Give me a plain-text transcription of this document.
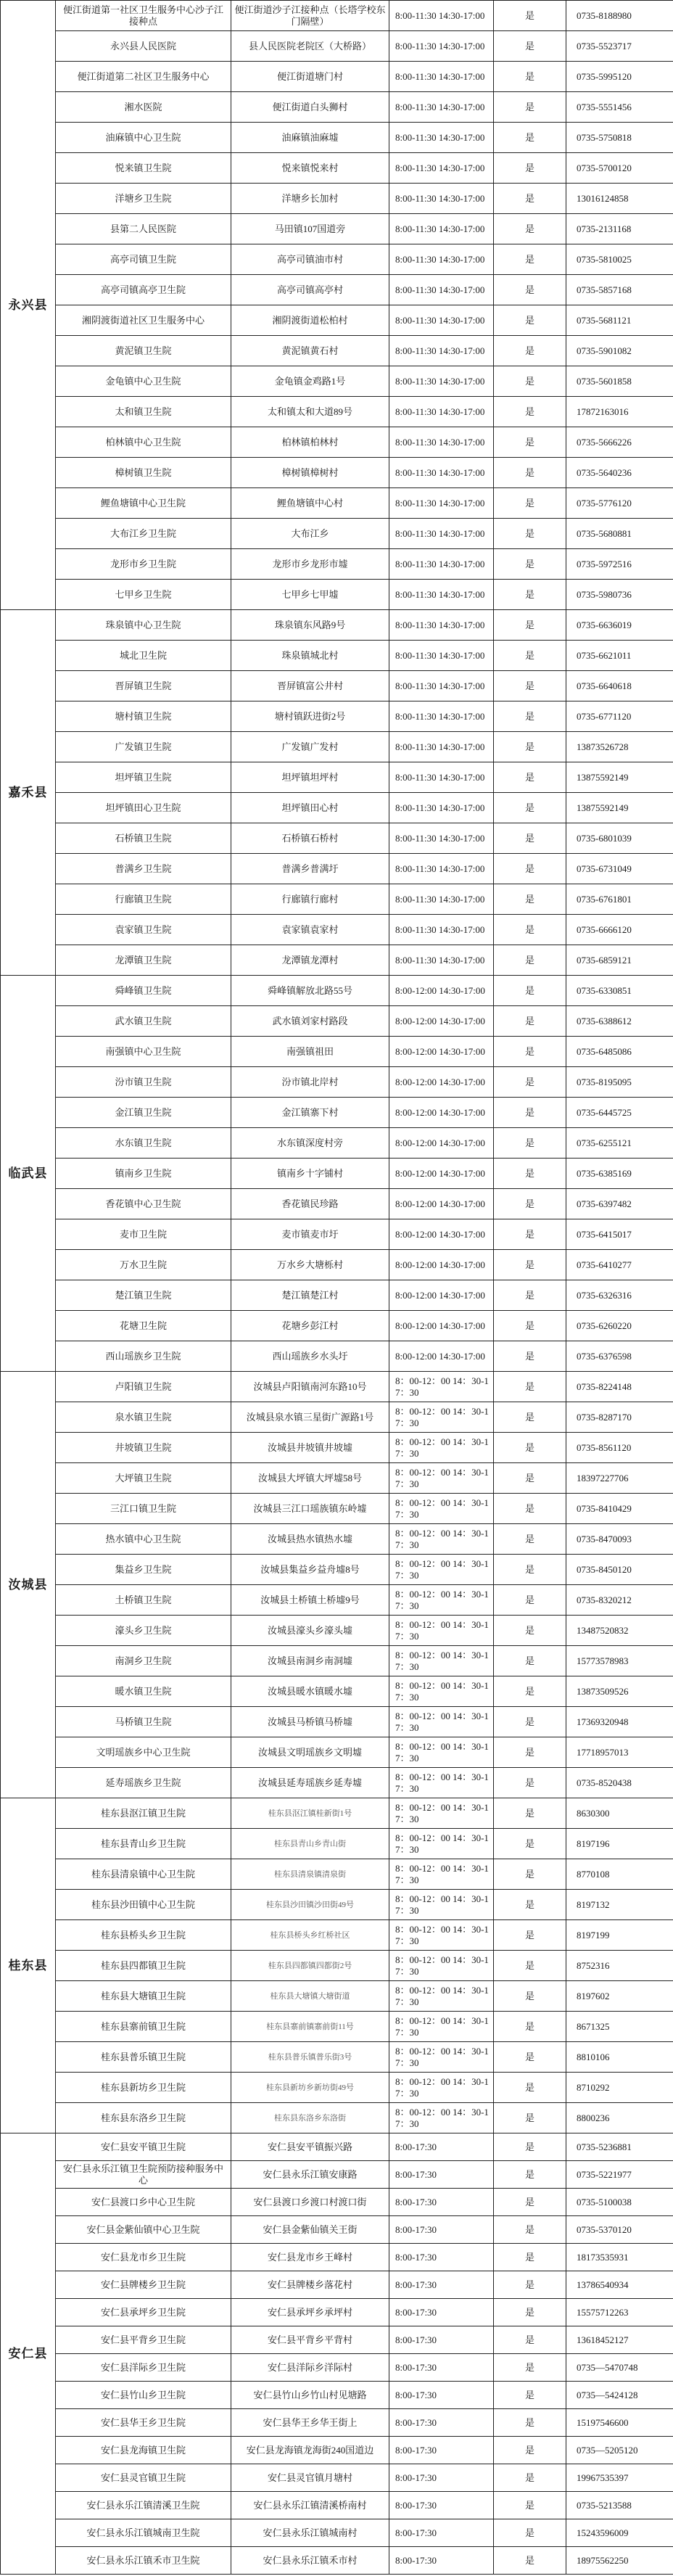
永兴县	便江街道第一社区卫生服务中心沙子江接种点	便江街道沙子江接种点（长塔学校东门隔壁）	8:00-11:30 14:30-17:00	是	0735-8188980
	永兴县人民医院	县人民医院老院区（大桥路）	8:00-11:30 14:30-17:00	是	0735-5523717
	便江街道第二社区卫生服务中心	便江街道塘门村	8:00-11:30 14:30-17:00	是	0735-5995120
	湘水医院	便江街道白头狮村	8:00-11:30 14:30-17:00	是	0735-5551456
	油麻镇中心卫生院	油麻镇油麻墟	8:00-11:30 14:30-17:00	是	0735-5750818
	悦来镇卫生院	悦来镇悦来村	8:00-11:30 14:30-17:00	是	0735-5700120
	洋塘乡卫生院	洋塘乡长加村	8:00-11:30 14:30-17:00	是	13016124858
	县第二人民医院	马田镇107国道旁	8:00-11:30 14:30-17:00	是	0735-2131168
	高亭司镇卫生院	高亭司镇油市村	8:00-11:30 14:30-17:00	是	0735-5810025
	高亭司镇高亭卫生院	高亭司镇高亭村	8:00-11:30 14:30-17:00	是	0735-5857168
	湘阴渡街道社区卫生服务中心	湘阴渡街道松柏村	8:00-11:30 14:30-17:00	是	0735-5681121
	黄泥镇卫生院	黄泥镇黄石村	8:00-11:30 14:30-17:00	是	0735-5901082
	金龟镇中心卫生院	金龟镇金鸡路1号	8:00-11:30 14:30-17:00	是	0735-5601858
	太和镇卫生院	太和镇太和大道89号	8:00-11:30 14:30-17:00	是	17872163016
	柏林镇中心卫生院	柏林镇柏林村	8:00-11:30 14:30-17:00	是	0735-5666226
	樟树镇卫生院	樟树镇樟树村	8:00-11:30 14:30-17:00	是	0735-5640236
	鲤鱼塘镇中心卫生院	鲤鱼塘镇中心村	8:00-11:30 14:30-17:00	是	0735-5776120
	大布江乡卫生院	大布江乡	8:00-11:30 14:30-17:00	是	0735-5680881
	龙形市乡卫生院	龙形市乡龙形市墟	8:00-11:30 14:30-17:00	是	0735-5972516
	七甲乡卫生院	七甲乡七甲墟	8:00-11:30 14:30-17:00	是	0735-5980736
嘉禾县	珠泉镇中心卫生院	珠泉镇东风路9号	8:00-11:30 14:30-17:00	是	0735-6636019
	城北卫生院	珠泉镇城北村	8:00-11:30 14:30-17:00	是	0735-6621011
	晋屏镇卫生院	晋屏镇富公井村	8:00-11:30 14:30-17:00	是	0735-6640618
	塘村镇卫生院	塘村镇跃进街2号	8:00-11:30 14:30-17:00	是	0735-6771120
	广发镇卫生院	广发镇广发村	8:00-11:30 14:30-17:00	是	13873526728
	坦坪镇卫生院	坦坪镇坦坪村	8:00-11:30 14:30-17:00	是	13875592149
	坦坪镇田心卫生院	坦坪镇田心村	8:00-11:30 14:30-17:00	是	13875592149
	石桥镇卫生院	石桥镇石桥村	8:00-11:30 14:30-17:00	是	0735-6801039
	普满乡卫生院	普满乡普满圩	8:00-11:30 14:30-17:00	是	0735-6731049
	行廊镇卫生院	行廊镇行廊村	8:00-11:30 14:30-17:00	是	0735-6761801
	袁家镇卫生院	袁家镇袁家村	8:00-11:30 14:30-17:00	是	0735-6666120
	龙潭镇卫生院	龙潭镇龙潭村	8:00-11:30 14:30-17:00	是	0735-6859121
临武县	舜峰镇卫生院	舜峰镇解放北路55号	8:00-12:00 14:30-17:00	是	0735-6330851
	武水镇卫生院	武水镇刘家村路段	8:00-12:00 14:30-17:00	是	0735-6388612
	南强镇中心卫生院	南强镇祖田	8:00-12:00 14:30-17:00	是	0735-6485086
	汾市镇卫生院	汾市镇北岸村	8:00-12:00 14:30-17:00	是	0735-8195095
	金江镇卫生院	金江镇寨下村	8:00-12:00 14:30-17:00	是	0735-6445725
	水东镇卫生院	水东镇深度村旁	8:00-12:00 14:30-17:00	是	0735-6255121
	镇南乡卫生院	镇南乡十字铺村	8:00-12:00 14:30-17:00	是	0735-6385169
	香花镇中心卫生院	香花镇民珍路	8:00-12:00 14:30-17:00	是	0735-6397482
	麦市卫生院	麦市镇麦市圩	8:00-12:00 14:30-17:00	是	0735-6415017
	万水卫生院	万水乡大塘栎村	8:00-12:00 14:30-17:00	是	0735-6410277
	楚江镇卫生院	楚江镇楚江村	8:00-12:00 14:30-17:00	是	0735-6326316
	花塘卫生院	花塘乡彭江村	8:00-12:00 14:30-17:00	是	0735-6260220
	西山瑶族乡卫生院	西山瑶族乡水头圩	8:00-12:00 14:30-17:00	是	0735-6376598
汝城县	卢阳镇卫生院	汝城县卢阳镇南河东路10号	8：00-12：00 14：30-17：30	是	0735-8224148
	泉水镇卫生院	汝城县泉水镇三星街广源路1号	8：00-12：00 14：30-17：30	是	0735-8287170
	井坡镇卫生院	汝城县井坡镇井坡墟	8：00-12：00 14：30-17：30	是	0735-8561120
	大坪镇卫生院	汝城县大坪镇大坪墟58号	8：00-12：00 14：30-17：30	是	18397227706
	三江口镇卫生院	汝城县三江口瑶族镇东岭墟	8：00-12：00 14：30-17：30	是	0735-8410429
	热水镇中心卫生院	汝城县热水镇热水墟	8：00-12：00 14：30-17：30	是	0735-8470093
	集益乡卫生院	汝城县集益乡益舟墟8号	8：00-12：00 14：30-17：30	是	0735-8450120
	土桥镇卫生院	汝城县土桥镇土桥墟9号	8：00-12：00 14：30-17：30	是	0735-8320212
	濠头乡卫生院	汝城县濠头乡濠头墟	8：00-12：00 14：30-17：30	是	13487520832
	南洞乡卫生院	汝城县南洞乡南洞墟	8：00-12：00 14：30-17：30	是	15773578983
	暖水镇卫生院	汝城县暖水镇暖水墟	8：00-12：00 14：30-17：30	是	13873509526
	马桥镇卫生院	汝城县马桥镇马桥墟	8：00-12：00 14：30-17：30	是	17369320948
	文明瑶族乡中心卫生院	汝城县文明瑶族乡文明墟	8：00-12：00 14：30-17：30	是	17718957013
	延寿瑶族乡卫生院	汝城县延寿瑶族乡延寿墟	8：00-12：00 14：30-17：30	是	0735-8520438
桂东县	桂东县沤江镇卫生院	桂东县沤江镇桂新街1号	8：00-12：00 14：30-17：30	是	8630300
	桂东县青山乡卫生院	桂东县青山乡青山街	8：00-12：00 14：30-17：30	是	8197196
	桂东县清泉镇中心卫生院	桂东县清泉镇清泉街	8：00-12：00 14：30-17：30	是	8770108
	桂东县沙田镇中心卫生院	桂东县沙田镇沙田街49号	8：00-12：00 14：30-17：30	是	8197132
	桂东县桥头乡卫生院	桂东县桥头乡红桥社区	8：00-12：00 14：30-17：30	是	8197199
	桂东县四都镇卫生院	桂东县四都镇四都街2号	8：00-12：00 14：30-17：30	是	8752316
	桂东县大塘镇卫生院	桂东县大塘镇大塘街道	8：00-12：00 14：30-17：30	是	8197602
	桂东县寨前镇卫生院	桂东县寨前镇寨前街11号	8：00-12：00 14：30-17：30	是	8671325
	桂东县普乐镇卫生院	桂东县普乐镇普乐街3号	8：00-12：00 14：30-17：30	是	8810106
	桂东县新坊乡卫生院	桂东县新坊乡新坊街49号	8：00-12：00 14：30-17：30	是	8710292
	桂东县东洛乡卫生院	桂东县东洛乡东洛街	8：00-12：00 14：30-17：30	是	8800236
安仁县	安仁县安平镇卫生院	安仁县安平镇振兴路	8:00-17:30	是	0735-5236881
	安仁县永乐江镇卫生院预防接种服务中心	安仁县永乐江镇安康路	8:00-17:30	是	0735-5221977
	安仁县渡口乡中心卫生院	安仁县渡口乡渡口村渡口街	8:00-17:30	是	0735-5100038
	安仁县金紫仙镇中心卫生院	安仁县金紫仙镇关王街	8:00-17:30	是	0735-5370120
	安仁县龙市乡卫生院	安仁县龙市乡王峰村	8:00-17:30	是	18173535931
	安仁县牌楼乡卫生院	安仁县牌楼乡落花村	8:00-17:30	是	13786540934
	安仁县承坪乡卫生院	安仁县承坪乡承坪村	8:00-17:30	是	15575712263
	安仁县平背乡卫生院	安仁县平背乡平背村	8:00-17:30	是	13618452127
	安仁县洋际乡卫生院	安仁县洋际乡洋际村	8:00-17:30	是	0735—5470748
	安仁县竹山乡卫生院	安仁县竹山乡竹山村见塘路	8:00-17:30	是	0735—5424128
	安仁县华王乡卫生院	安仁县华王乡华王街上	8:00-17:30	是	15197546600
	安仁县龙海镇卫生院	安仁县龙海镇龙海街240国道边	8:00-17:30	是	0735—5205120
	安仁县灵官镇卫生院	安仁县灵官镇月塘村	8:00-17:30	是	19967535397
	安仁县永乐江镇清溪卫生院	安仁县永乐江镇清溪桥南村	8:00-17:30	是	0735-5213588
	安仁县永乐江镇城南卫生院	安仁县永乐江镇城南村	8:00-17:30	是	15243596009
	安仁县永乐江镇禾市卫生院	安仁县永乐江镇禾市村	8:00-17:30	是	18975562250
